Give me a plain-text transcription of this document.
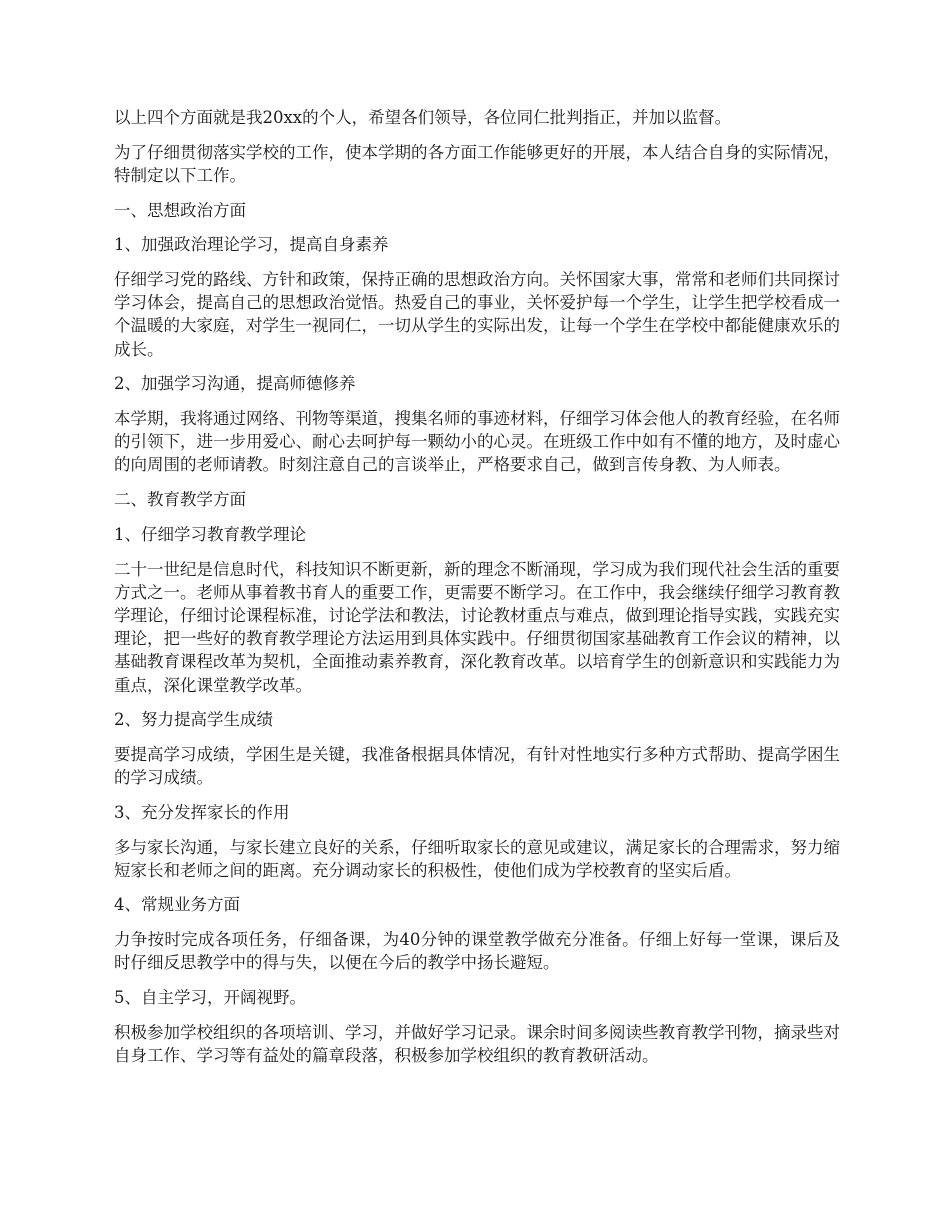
以上四个方面就是我20xx的个人，希望各们领导，各位同仁批判指正，并加以监督。

为了仔细贯彻落实学校的工作，使本学期的各方面工作能够更好的开展，本人结合自身的实际情况，特制定以下工作。

一、思想政治方面

1、加强政治理论学习，提高自身素养

仔细学习党的路线、方针和政策，保持正确的思想政治方向。关怀国家大事，常常和老师们共同探讨学习体会，提高自己的思想政治觉悟。热爱自己的事业，关怀爱护每一个学生，让学生把学校看成一个温暖的大家庭，对学生一视同仁，一切从学生的实际出发，让每一个学生在学校中都能健康欢乐的成长。

2、加强学习沟通，提高师德修养

本学期，我将通过网络、刊物等渠道，搜集名师的事迹材料，仔细学习体会他人的教育经验，在名师的引领下，进一步用爱心、耐心去呵护每一颗幼小的心灵。在班级工作中如有不懂的地方，及时虚心的向周围的老师请教。时刻注意自己的言谈举止，严格要求自己，做到言传身教、为人师表。

二、教育教学方面

1、仔细学习教育教学理论

二十一世纪是信息时代，科技知识不断更新，新的理念不断涌现，学习成为我们现代社会生活的重要方式之一。老师从事着教书育人的重要工作，更需要不断学习。在工作中，我会继续仔细学习教育教学理论，仔细讨论课程标准，讨论学法和教法，讨论教材重点与难点，做到理论指导实践，实践充实理论，把一些好的教育教学理论方法运用到具体实践中。仔细贯彻国家基础教育工作会议的精神，以基础教育课程改革为契机，全面推动素养教育，深化教育改革。以培育学生的创新意识和实践能力为重点，深化课堂教学改革。

2、努力提高学生成绩

要提高学习成绩，学困生是关键，我准备根据具体情况，有针对性地实行多种方式帮助、提高学困生的学习成绩。

3、充分发挥家长的作用

多与家长沟通，与家长建立良好的关系，仔细听取家长的意见或建议，满足家长的合理需求，努力缩短家长和老师之间的距离。充分调动家长的积极性，使他们成为学校教育的坚实后盾。

4、常规业务方面

力争按时完成各项任务，仔细备课，为40分钟的课堂教学做充分准备。仔细上好每一堂课，课后及时仔细反思教学中的得与失，以便在今后的教学中扬长避短。

5、自主学习，开阔视野。

积极参加学校组织的各项培训、学习，并做好学习记录。课余时间多阅读些教育教学刊物，摘录些对自身工作、学习等有益处的篇章段落，积极参加学校组织的教育教研活动。
